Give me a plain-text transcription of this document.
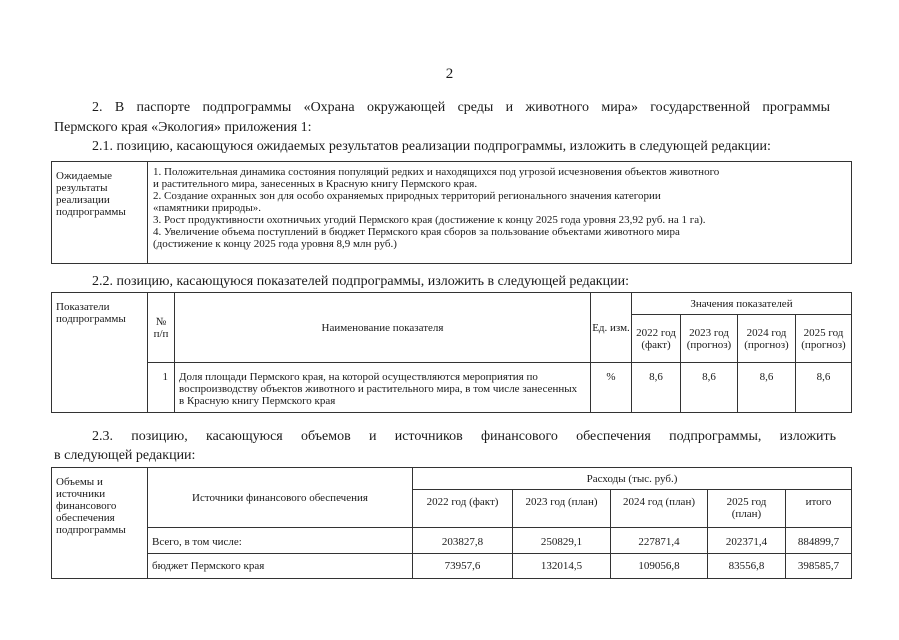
2
2. В паспорте подпрограммы «Охрана окружающей среды и животного мира» государственной программы
Пермского края «Экология» приложения 1:
2.1. позицию, касающуюся ожидаемых результатов реализации подпрограммы, изложить в следующей редакции:
Ожидаемые результаты реализации подпрограммы	
1. Положительная динамика состояния популяций редких и находящихся под угрозой исчезновения объектов животного
и растительного мира, занесенных в Красную книгу Пермского края.
2. Создание охранных зон для особо охраняемых природных территорий регионального значения категории
«памятники природы».
3. Рост продуктивности охотничьих угодий Пермского края (достижение к концу 2025 года уровня 23,92 руб. на 1 га).
4. Увеличение объема поступлений в бюджет Пермского края сборов за пользование объектами животного мира
(достижение к концу 2025 года уровня 8,9 млн руб.)
2.2. позицию, касающуюся показателей подпрограммы, изложить в следующей редакции:
Показатели подпрограммы	№ п/п	Наименование показателя	Ед. изм.	Значения показателей			
				2022 год (факт)	2023 год (прогноз)	2024 год (прогноз)	2025 год (прогноз)
	1	Доля площади Пермского края, на которой осуществляются мероприятия по воспроизводству объектов животного и растительного мира, в том числе занесенных в Красную книгу Пермского края	%	8,6	8,6	8,6	8,6
2.3. позицию, касающуюся объемов и источников финансового обеспечения подпрограммы, изложить
в следующей редакции:
Объемы и источники финансового обеспечения подпрограммы	Источники финансового обеспечения	Расходы (тыс. руб.)				
		2022 год (факт)	2023 год (план)	2024 год (план)	2025 год (план)	итого
	Всего, в том числе:	203827,8	250829,1	227871,4	202371,4	884899,7
	бюджет Пермского края	73957,6	132014,5	109056,8	83556,8	398585,7
